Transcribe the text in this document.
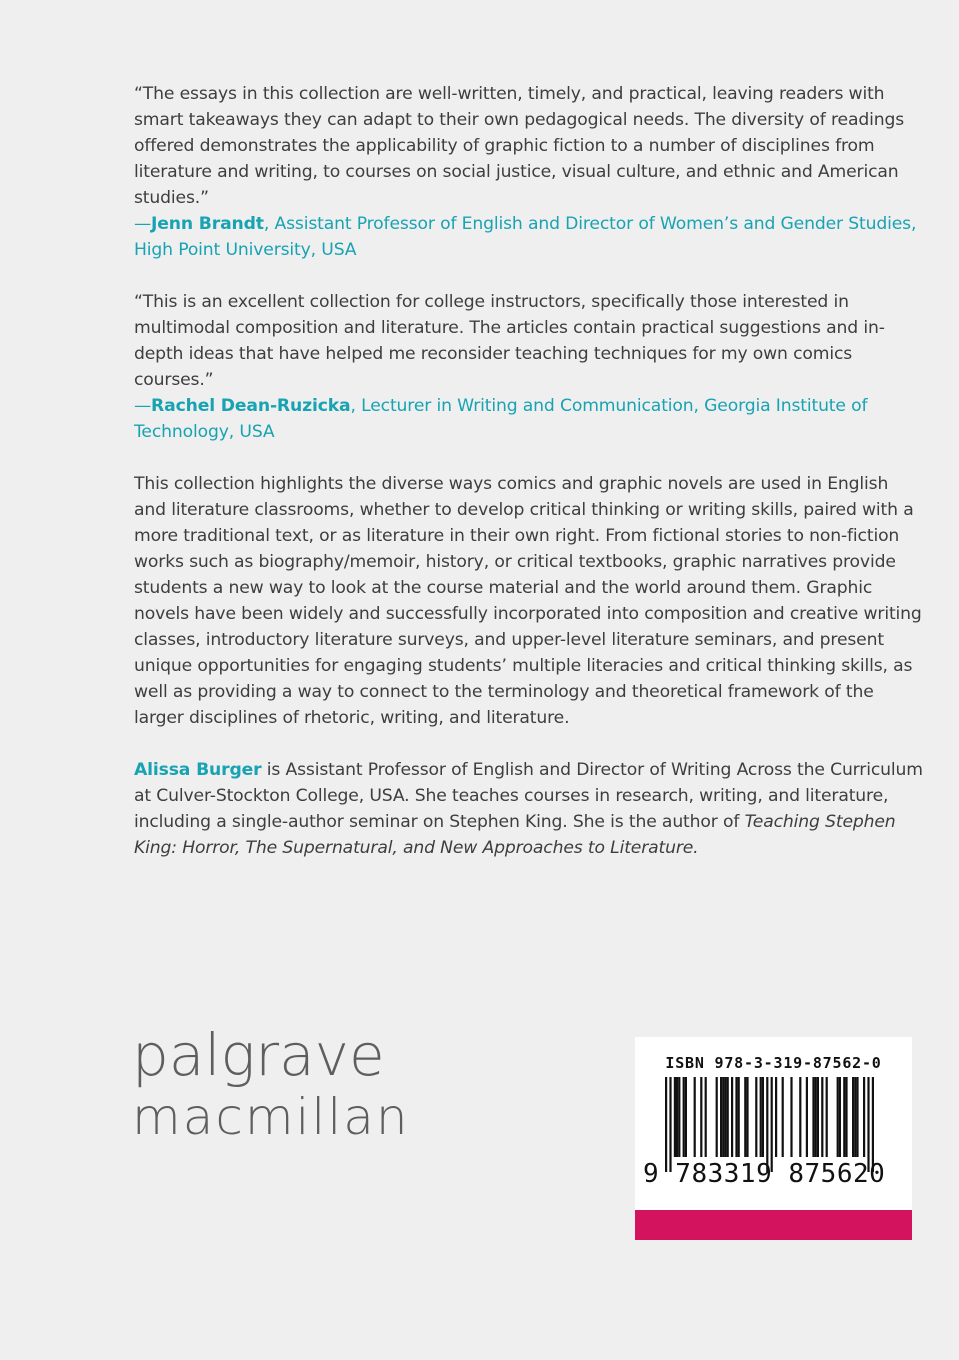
“The essays in this collection are well-written, timely, and practical, leaving readers with smart takeaways they can adapt to their own pedagogical needs. The diversity of readings offered demonstrates the applicability of graphic fiction to a number of disciplines from literature and writing, to courses on social justice, visual culture, and ethnic and American studies.”
—Jenn Brandt, Assistant Professor of English and Director of Women’s and Gender Studies, High Point University, USA

“This is an excellent collection for college instructors, specifically those interested in multimodal composition and literature. The articles contain practical suggestions and in-depth ideas that have helped me reconsider teaching techniques for my own comics courses.”
—Rachel Dean-Ruzicka, Lecturer in Writing and Communication, Georgia Institute of Technology, USA

This collection highlights the diverse ways comics and graphic novels are used in English and literature classrooms, whether to develop critical thinking or writing skills, paired with a more traditional text, or as literature in their own right. From fictional stories to non-fiction works such as biography/memoir, history, or critical textbooks, graphic narratives provide students a new way to look at the course material and the world around them. Graphic novels have been widely and successfully incorporated into composition and creative writing classes, introductory literature surveys, and upper-level literature seminars, and present unique opportunities for engaging students’ multiple literacies and critical thinking skills, as well as providing a way to connect to the terminology and theoretical framework of the larger disciplines of rhetoric, writing, and literature.

Alissa Burger is Assistant Professor of English and Director of Writing Across the Curriculum at Culver-Stockton College, USA. She teaches courses in research, writing, and literature, including a single-author seminar on Stephen King. She is the author of Teaching Stephen King: Horror, The Supernatural, and New Approaches to Literature.

palgrave
macmillan
ISBN 978-3-319-87562-0
9 783319 875620
